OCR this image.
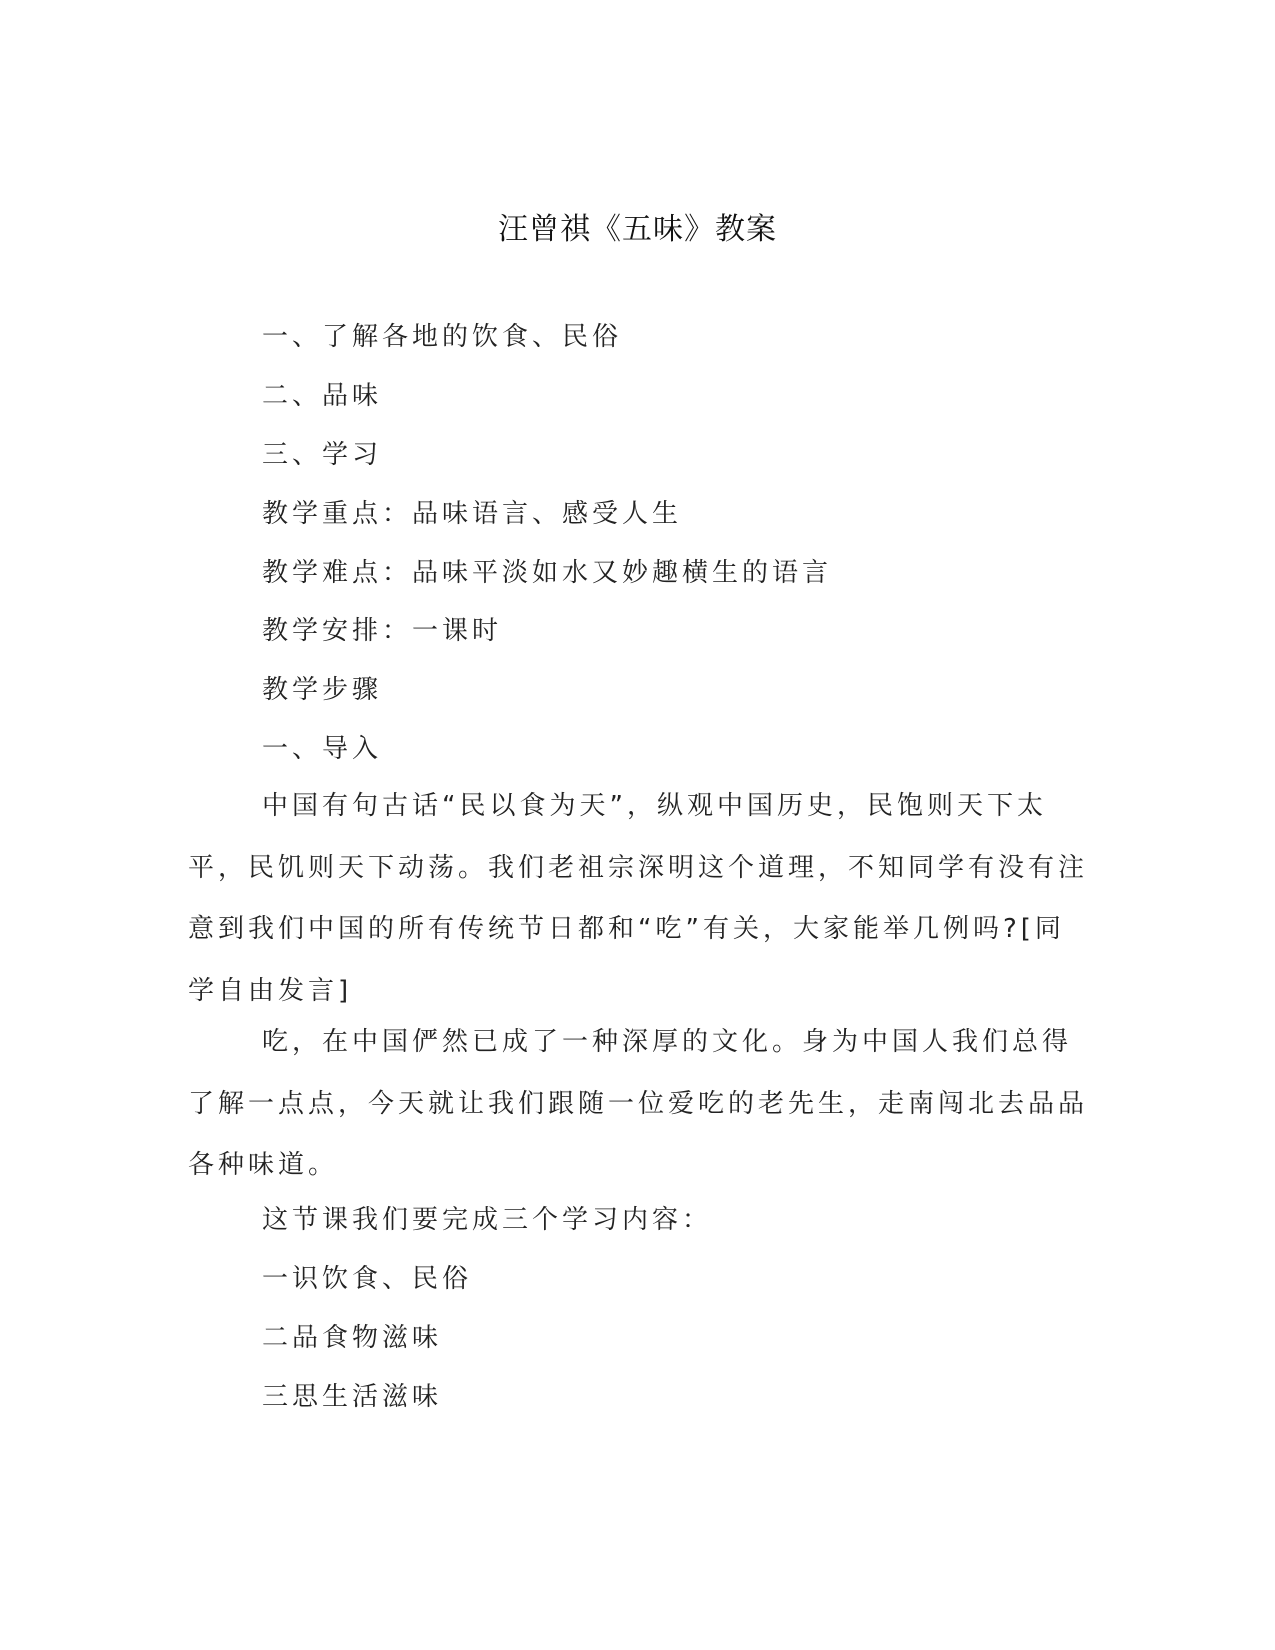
汪曾祺《五味》教案
一、了解各地的饮食、民俗
二、品味
三、学习
教学重点：品味语言、感受人生
教学难点：品味平淡如水又妙趣横生的语言
教学安排：一课时
教学步骤
一、导入

中国有句古话“民以食为天”，纵观中国历史，民饱则天下太平，民饥则天下动荡。我们老祖宗深明这个道理，不知同学有没有注意到我们中国的所有传统节日都和“吃”有关，大家能举几例吗?[同学自由发言]

吃，在中国俨然已成了一种深厚的文化。身为中国人我们总得了解一点点，今天就让我们跟随一位爱吃的老先生，走南闯北去品品各种味道。

这节课我们要完成三个学习内容：
一识饮食、民俗
二品食物滋味
三思生活滋味
